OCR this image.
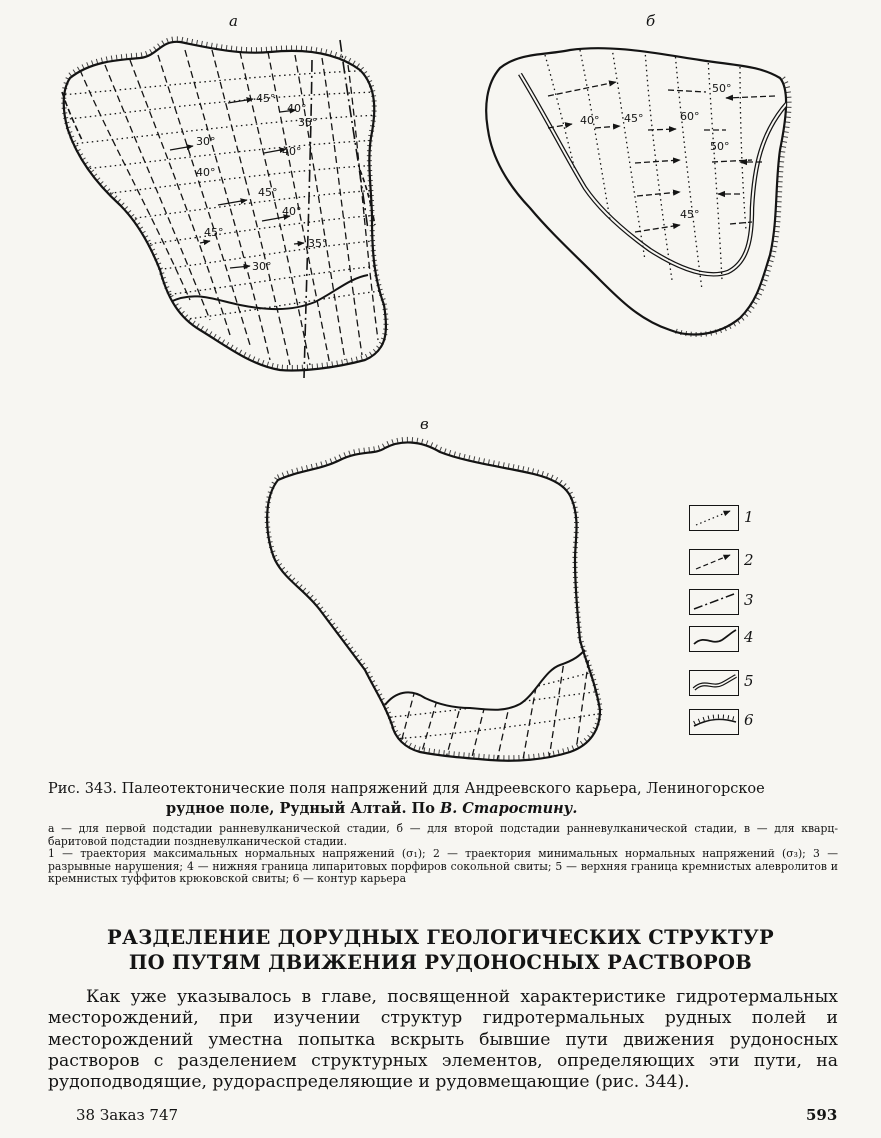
а	б
в
45°
40°
35°
30°
40°
40°
45°
40°
45°
35°
30°
50°
40° 45°	60°
50°
45°
1
2
3
4
5
6
Рис. 343. Палеотектонические поля напряжений для Андреевского карьера, Лениногорское
рудное поле, Рудный Алтай. По В. Старостину.
а — для первой подстадии ранневулканической стадии, б — для второй подстадии ранневулканической стадии, в — для кварц-баритовой подстадии поздневулканической стадии.
1 — траектория максимальных нормальных напряжений (σ₁); 2 — траектория минимальных нормальных напряжений (σ₃); 3 — разрывные нарушения; 4 — нижняя граница липаритовых порфиров сокольной свиты; 5 — верхняя граница кремнистых алевролитов и кремнистых туффитов крюковской свиты; 6 — контур карьера
РАЗДЕЛЕНИЕ ДОРУДНЫХ ГЕОЛОГИЧЕСКИХ СТРУКТУР
ПО ПУТЯМ ДВИЖЕНИЯ РУДОНОСНЫХ РАСТВОРОВ

Как уже указывалось в главе, посвященной характеристике гидротермальных месторождений, при изучении структур гидротермальных рудных полей и месторождений уместна попытка вскрыть бывшие пути движения рудоносных растворов с разделением структурных элементов, определяющих эти пути, на рудоподводящие, рудораспределяющие и рудовмещающие (рис. 344).

38 Заказ 747	593
